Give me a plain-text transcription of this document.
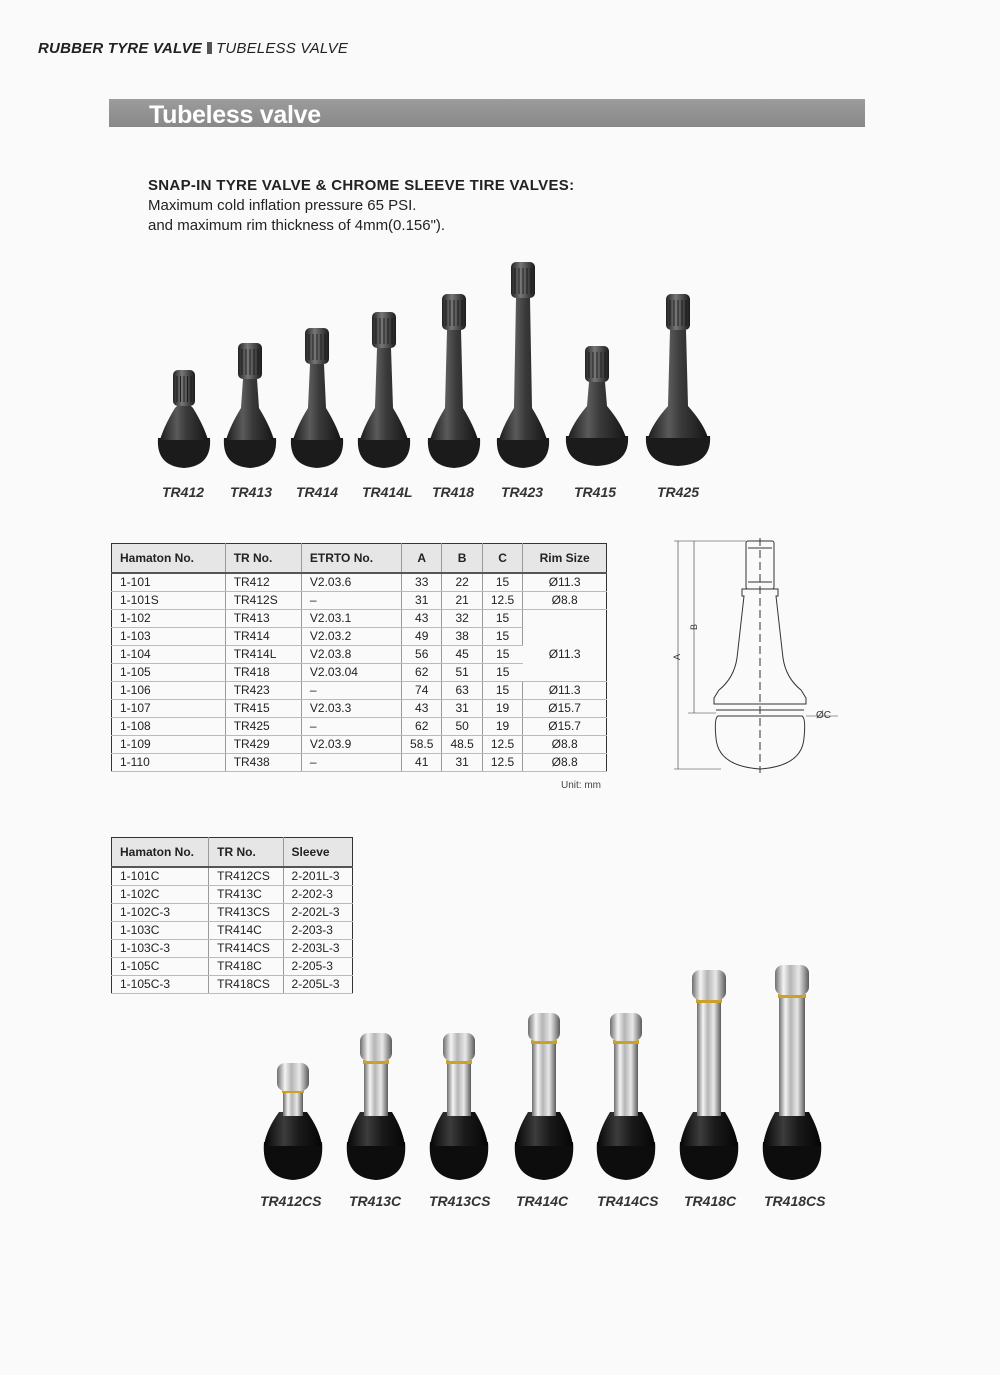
RUBBER TYRE VALVE TUBELESS VALVE
Tubeless valve
SNAP-IN TYRE VALVE & CHROME SLEEVE TIRE VALVES:
Maximum cold inflation pressure 65 PSI.
and maximum rim thickness of 4mm(0.156").
TR412 TR413 TR414 TR414L TR418 TR423 TR415	TR425
Hamaton No.	TR No.	ETRTO No.	A	B	C	Rim Size
1-101	TR412	V2.03.6	33	22	15	Ø11.3
1-101S	TR412S	–	31	21	12.5	Ø8.8
1-102	TR413	V2.03.1	43	32	15	
1-103	TR414	V2.03.2	49	38	15	Ø11.3
1-104	TR414L	V2.03.8	56	45	15	
1-105	TR418	V2.03.04	62	51	15	
1-106	TR423	–	74	63	15	Ø11.3
1-107	TR415	V2.03.3	43	31	19	Ø15.7
1-108	TR425	–	62	50	19	Ø15.7
1-109	TR429	V2.03.9	58.5	48.5	12.5	Ø8.8
1-110	TR438	–	41	31	12.5	Ø8.8
Unit: mm
A
B
ØC
Hamaton No.	TR No.	Sleeve
1-101C	TR412CS	2-201L-3
1-102C	TR413C	2-202-3
1-102C-3	TR413CS	2-202L-3
1-103C	TR414C	2-203-3
1-103C-3	TR414CS	2-203L-3
1-105C	TR418C	2-205-3
1-105C-3	TR418CS	2-205L-3
TR412CS TR413C TR413CS TR414C TR414CS TR418C TR418CS
